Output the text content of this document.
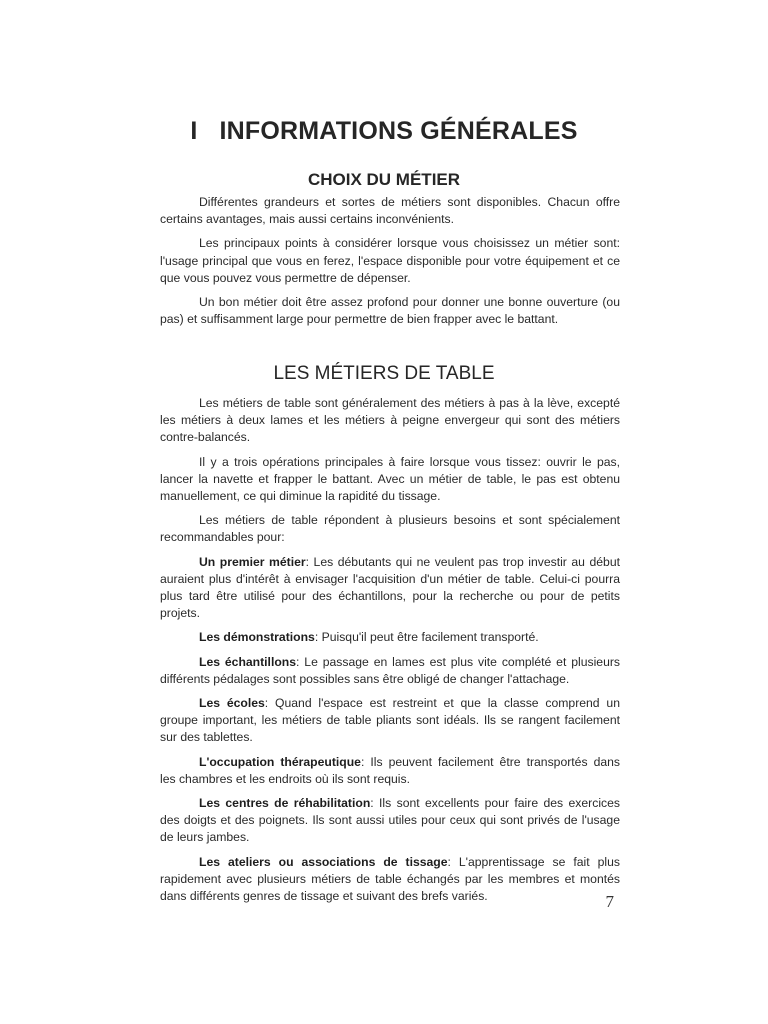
I INFORMATIONS GÉNÉRALES
CHOIX DU MÉTIER

Différentes grandeurs et sortes de métiers sont disponibles. Chacun offre certains avantages, mais aussi certains inconvénients.

Les principaux points à considérer lorsque vous choisissez un métier sont: l'usage principal que vous en ferez, l'espace disponible pour votre équipement et ce que vous pouvez vous permettre de dépenser.

Un bon métier doit être assez profond pour donner une bonne ouverture (ou pas) et suffisamment large pour permettre de bien frapper avec le battant.

LES MÉTIERS DE TABLE

Les métiers de table sont généralement des métiers à pas à la lève, excepté les métiers à deux lames et les métiers à peigne envergeur qui sont des métiers contre-balancés.

Il y a trois opérations principales à faire lorsque vous tissez: ouvrir le pas, lancer la navette et frapper le battant. Avec un métier de table, le pas est obtenu manuellement, ce qui diminue la rapidité du tissage.

Les métiers de table répondent à plusieurs besoins et sont spécialement recommandables pour:

Un premier métier: Les débutants qui ne veulent pas trop investir au début auraient plus d'intérêt à envisager l'acquisition d'un métier de table. Celui-ci pourra plus tard être utilisé pour des échantillons, pour la recherche ou pour de petits projets.

Les démonstrations: Puisqu'il peut être facilement transporté.

Les échantillons: Le passage en lames est plus vite complété et plusieurs différents pédalages sont possibles sans être obligé de changer l'attachage.

Les écoles: Quand l'espace est restreint et que la classe comprend un groupe important, les métiers de table pliants sont idéals. Ils se rangent facilement sur des tablettes.

L'occupation thérapeutique: Ils peuvent facilement être transportés dans les chambres et les endroits où ils sont requis.

Les centres de réhabilitation: Ils sont excellents pour faire des exercices des doigts et des poignets. Ils sont aussi utiles pour ceux qui sont privés de l'usage de leurs jambes.

Les ateliers ou associations de tissage: L'apprentissage se fait plus rapidement avec plusieurs métiers de table échangés par les membres et montés dans différents genres de tissage et suivant des brefs variés.	7
